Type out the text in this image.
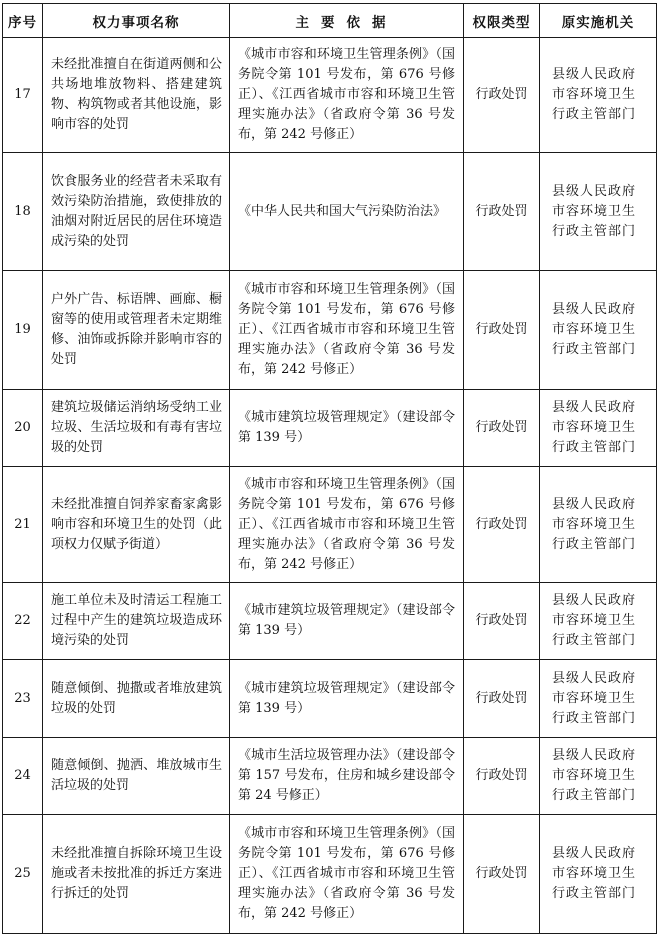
序号	权力事项名称	主要依据	权限类型	原实施机关
17	未经批准擅自在街道两侧和公共场地堆放物料、搭建建筑物、构筑物或者其他设施，影响市容的处罚	《城市市容和环境卫生管理条例》（国务院令第 101 号发布，第 676 号修正）、《江西省城市市容和环境卫生管理实施办法》（省政府令第 36 号发布，第 242 号修正）	行政处罚	县级人民政府市容环境卫生行政主管部门
18	饮食服务业的经营者未采取有效污染防治措施，致使排放的油烟对附近居民的居住环境造成污染的处罚	《中华人民共和国大气污染防治法》	行政处罚	县级人民政府市容环境卫生行政主管部门
19	户外广告、标语牌、画廊、橱窗等的使用或管理者未定期维修、油饰或拆除并影响市容的处罚	《城市市容和环境卫生管理条例》（国务院令第 101 号发布，第 676 号修正）、《江西省城市市容和环境卫生管理实施办法》（省政府令第 36 号发布，第 242 号修正）	行政处罚	县级人民政府市容环境卫生行政主管部门
20	建筑垃圾储运消纳场受纳工业垃圾、生活垃圾和有毒有害垃圾的处罚	《城市建筑垃圾管理规定》（建设部令第 139 号）	行政处罚	县级人民政府市容环境卫生行政主管部门
21	未经批准擅自饲养家畜家禽影响市容和环境卫生的处罚（此项权力仅赋予街道）	《城市市容和环境卫生管理条例》（国务院令第 101 号发布，第 676 号修正）、《江西省城市市容和环境卫生管理实施办法》（省政府令第 36 号发布，第 242 号修正）	行政处罚	县级人民政府市容环境卫生行政主管部门
22	施工单位未及时清运工程施工过程中产生的建筑垃圾造成环境污染的处罚	《城市建筑垃圾管理规定》（建设部令第 139 号）	行政处罚	县级人民政府市容环境卫生行政主管部门
23	随意倾倒、抛撒或者堆放建筑垃圾的处罚	《城市建筑垃圾管理规定》（建设部令第 139 号）	行政处罚	县级人民政府市容环境卫生行政主管部门
24	随意倾倒、抛洒、堆放城市生活垃圾的处罚	《城市生活垃圾管理办法》（建设部令第 157 号发布，住房和城乡建设部令第 24 号修正）	行政处罚	县级人民政府市容环境卫生行政主管部门
25	未经批准擅自拆除环境卫生设施或者未按批准的拆迁方案进行拆迁的处罚	《城市市容和环境卫生管理条例》（国务院令第 101 号发布，第 676 号修正）、《江西省城市市容和环境卫生管理实施办法》（省政府令第 36 号发布，第 242 号修正）	行政处罚	县级人民政府市容环境卫生行政主管部门
